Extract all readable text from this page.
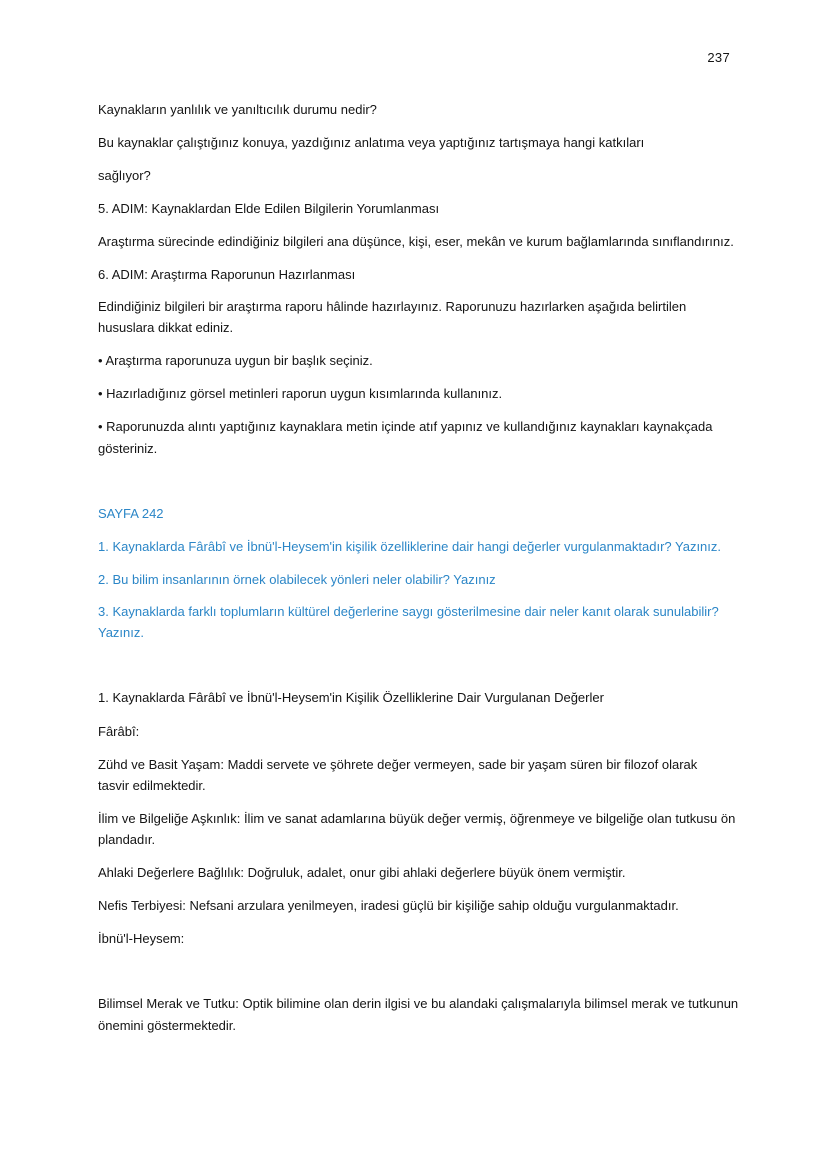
237
Kaynakların yanlılık ve yanıltıcılık durumu nedir?
Bu kaynaklar çalıştığınız konuya, yazdığınız anlatıma veya yaptığınız tartışmaya hangi katkıları
sağlıyor?
5. ADIM: Kaynaklardan Elde Edilen Bilgilerin Yorumlanması
Araştırma sürecinde edindiğiniz bilgileri ana düşünce, kişi, eser, mekân ve kurum bağlamlarında sınıflandırınız.
6. ADIM: Araştırma Raporunun Hazırlanması
Edindiğiniz bilgileri bir araştırma raporu hâlinde hazırlayınız. Raporunuzu hazırlarken aşağıda belirtilen
hususlara dikkat ediniz.
• Araştırma raporunuza uygun bir başlık seçiniz.
• Hazırladığınız görsel metinleri raporun uygun kısımlarında kullanınız.
• Raporunuzda alıntı yaptığınız kaynaklara metin içinde atıf yapınız ve kullandığınız kaynakları kaynakçada
gösteriniz.
SAYFA 242
1. Kaynaklarda Fârâbî ve İbnü'l-Heysem'in kişilik özelliklerine dair hangi değerler vurgulanmaktadır? Yazınız.
2. Bu bilim insanlarının örnek olabilecek yönleri neler olabilir? Yazınız
3. Kaynaklarda farklı toplumların kültürel değerlerine saygı gösterilmesine dair neler kanıt olarak sunulabilir?
Yazınız.
1. Kaynaklarda Fârâbî ve İbnü'l-Heysem'in Kişilik Özelliklerine Dair Vurgulanan Değerler
Fârâbî:
Zühd ve Basit Yaşam: Maddi servete ve şöhrete değer vermeyen, sade bir yaşam süren bir filozof olarak
tasvir edilmektedir.
İlim ve Bilgeliğe Aşkınlık: İlim ve sanat adamlarına büyük değer vermiş, öğrenmeye ve bilgeliğe olan tutkusu ön
plandadır.
Ahlaki Değerlere Bağlılık: Doğruluk, adalet, onur gibi ahlaki değerlere büyük önem vermiştir.
Nefis Terbiyesi: Nefsani arzulara yenilmeyen, iradesi güçlü bir kişiliğe sahip olduğu vurgulanmaktadır.
İbnü'l-Heysem:
Bilimsel Merak ve Tutku: Optik bilimine olan derin ilgisi ve bu alandaki çalışmalarıyla bilimsel merak ve tutkunun
önemini göstermektedir.
